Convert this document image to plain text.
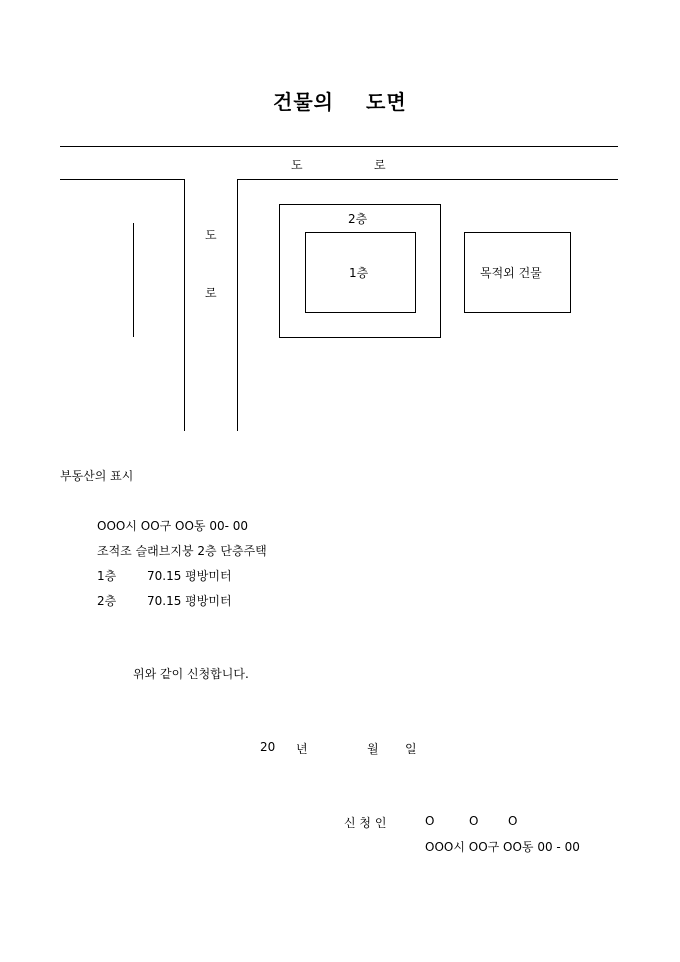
건물의 도면
도	로
도
로
2층
1층	목적외 건물
부동산의 표시
OOO시 OO구 OO동 00- 00
조적조 슬래브지붕 2층 단층주택
1층	70.15 평방미터
2층	70.15 평방미터
위와 같이 신청합니다.
20 년	월 일
신 청 인	O	O O
OOO시 OO구 OO동 00 - 00
